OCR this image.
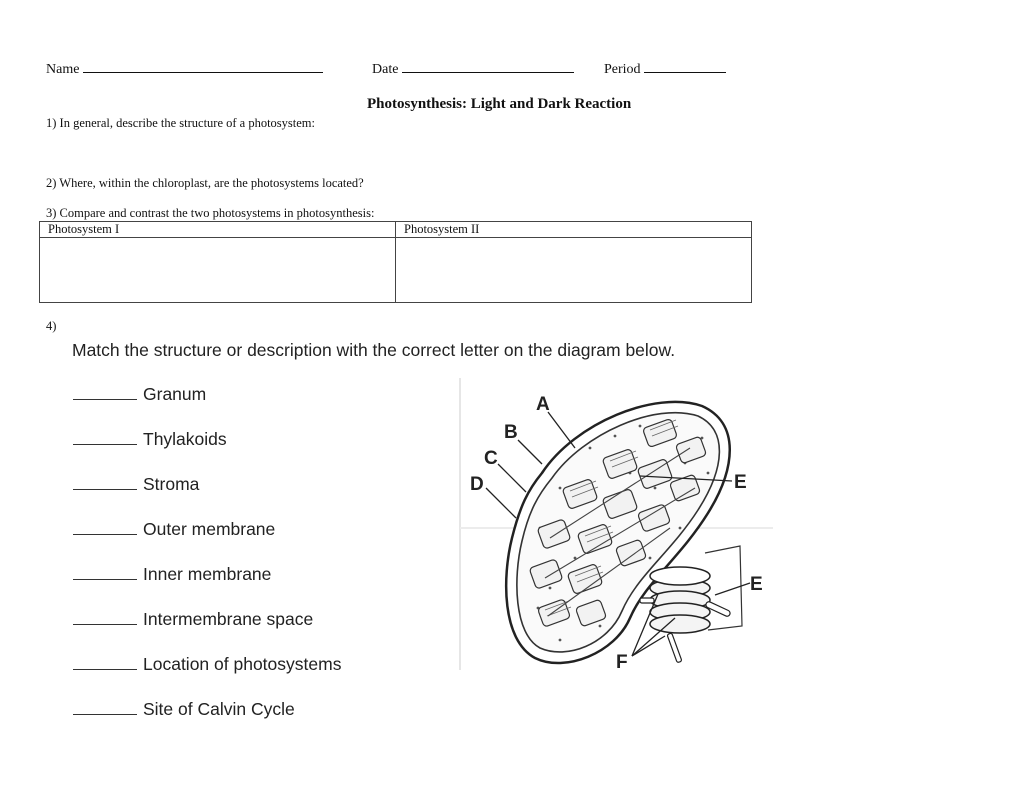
Name	Date	Period
Photosynthesis: Light and Dark Reaction
1) In general, describe the structure of a photosystem:
2) Where, within the chloroplast, are the photosystems located?
3) Compare and contrast the two photosystems in photosynthesis:
Photosystem I	Photosystem II

4)
Match the structure or description with the correct letter on the diagram below.
Granum
Thylakoids
Stroma
Outer membrane
Inner membrane
Intermembrane space
Location of photosystems
Site of Calvin Cycle
A
B
C
D	E
E
F
